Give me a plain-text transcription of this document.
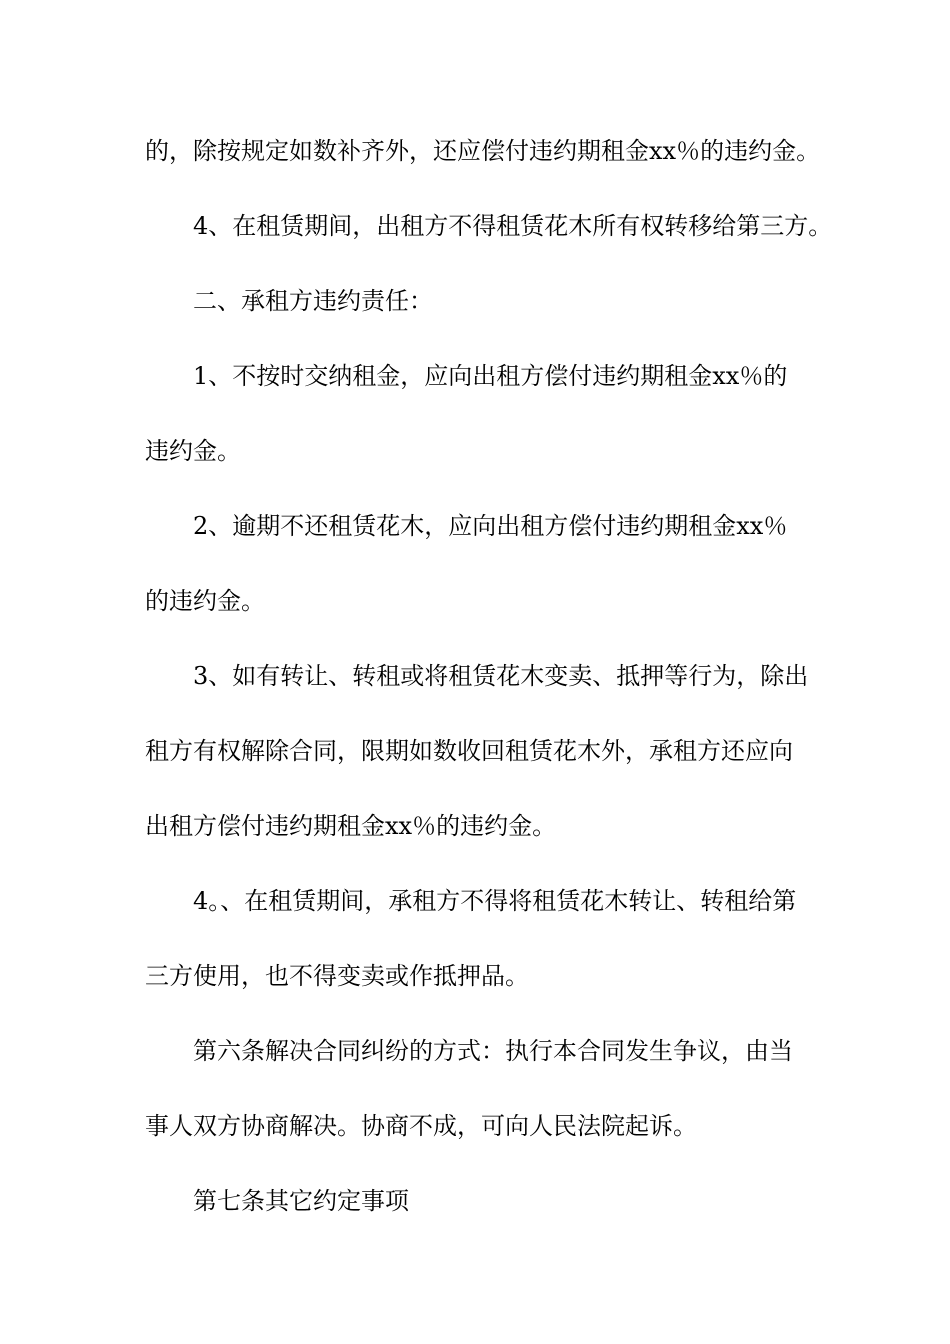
的，除按规定如数补齐外，还应偿付违约期租金xx％的违约金。
4、在租赁期间，出租方不得租赁花木所有权转移给第三方。
二、承租方违约责任：
1、不按时交纳租金，应向出租方偿付违约期租金xx％的
违约金。
2、逾期不还租赁花木，应向出租方偿付违约期租金xx％
的违约金。
3、如有转让、转租或将租赁花木变卖、抵押等行为，除出
租方有权解除合同，限期如数收回租赁花木外，承租方还应向
出租方偿付违约期租金xx％的违约金。
4。、在租赁期间，承租方不得将租赁花木转让、转租给第
三方使用，也不得变卖或作抵押品。
第六条解决合同纠纷的方式：执行本合同发生争议，由当
事人双方协商解决。协商不成，可向人民法院起诉。
第七条其它约定事项
